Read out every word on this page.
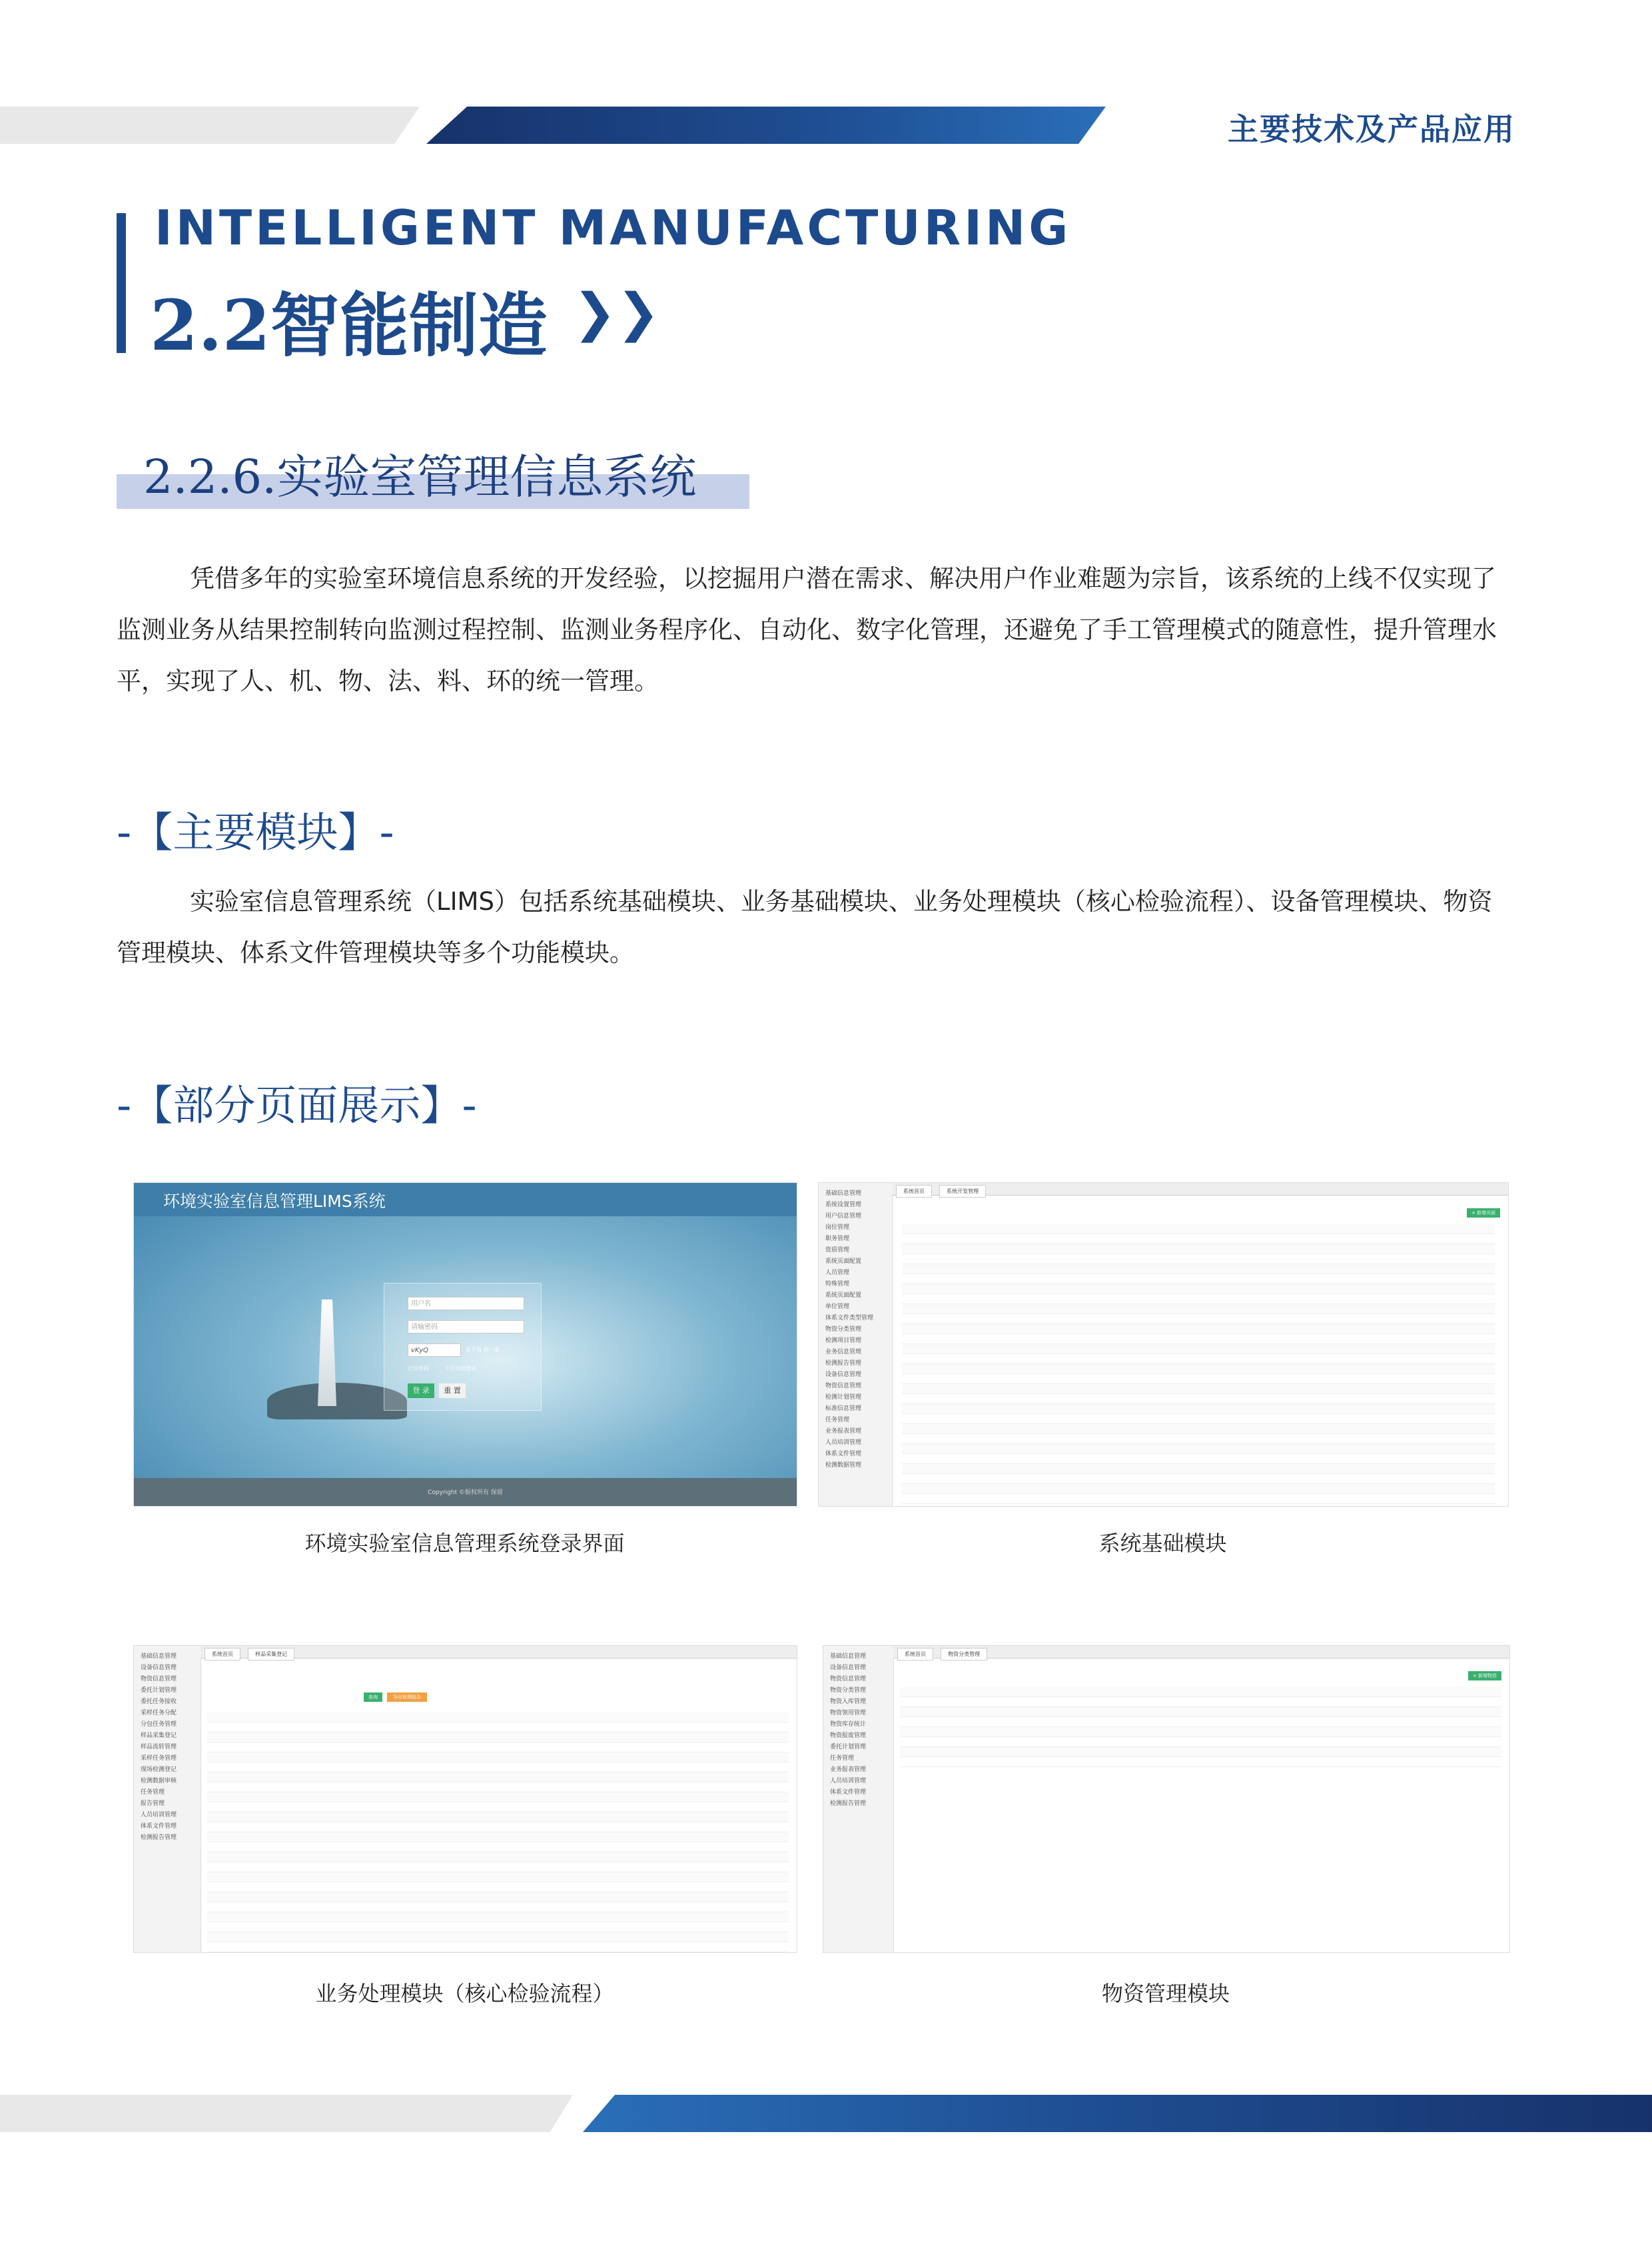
主要技术及产品应用
INTELLIGENT MANUFACTURING
2.2智能制造 ❯❯
2.2.6.实验室管理信息系统
凭借多年的实验室环境信息系统的开发经验，以挖掘用户潜在需求、解决用户作业难题为宗旨，该系统的上线不仅实现了监测业务从结果控制转向监测过程控制、监测业务程序化、自动化、数字化管理，还避免了手工管理模式的随意性，提升管理水平，实现了人、机、物、法、料、环的统一管理。
-【主要模块】-
实验室信息管理系统（LIMS）包括系统基础模块、业务基础模块、业务处理模块（核心检验流程）、设备管理模块、物资管理模块、体系文件管理模块等多个功能模块。
-【部分页面展示】-
环境实验室信息管理LIMS系统
用户名
请输密码
vKyQ	看不清 换一张
记住密码	下次自动登录
登 录	重 置
Copyright ©版权所有 保留
环境实验室信息管理系统登录界面
基础信息管理
系统设置管理
用户信息管理
岗位管理
职务管理
资质管理
系统页面配置
人员管理
特殊管理
系统页面配置
单位管理
体系文件类型管理
物资分类管理
检测项目管理
业务信息管理
检测报告管理
设备信息管理
物资信息管理
检测计划管理
标准信息管理
任务管理
业务报表管理
人员培训管理
体系文件管理
检测数据管理
系统首页	系统开发管理
+ 新增页面
系统基础模块
基础信息管理
设备信息管理
物资信息管理
委托计划管理
委托任务接收
采样任务分配
分包任务管理
样品采集登记
样品流转管理
采样任务管理
现场检测登记
检测数据审核
任务管理
报告管理
人员培训管理
体系文件管理
检测报告管理
系统首页	样品采集登记
查询	导出检测报告
业务处理模块（核心检验流程）
基础信息管理
设备信息管理
物资信息管理
物资分类管理
物资入库管理
物资领用管理
物资库存统计
物资报废管理
委托计划管理
任务管理
业务报表管理
人员培训管理
体系文件管理
检测报告管理
系统首页	物资分类管理
+ 新增物资
物资管理模块
